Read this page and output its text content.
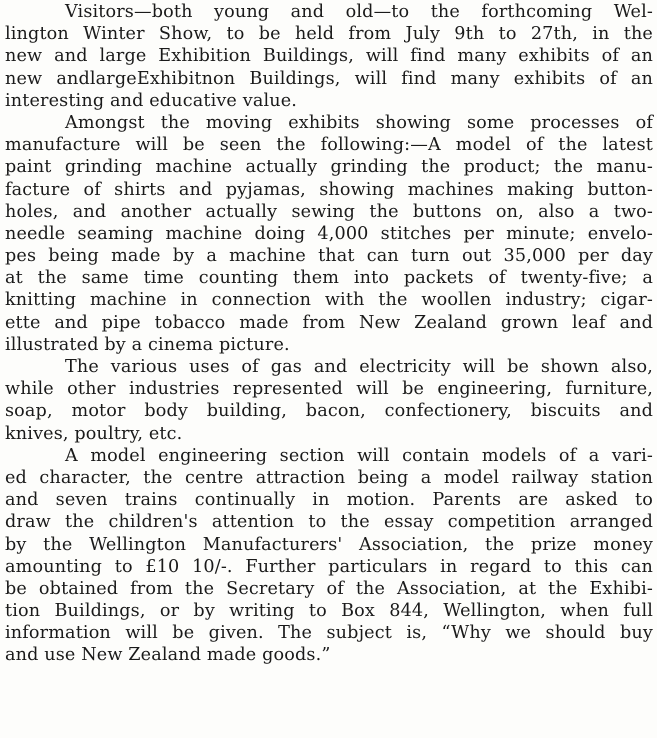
Visitors—both young and old—to the forthcoming Wel-
lington Winter Show, to be held from July 9th to 27th, in the
new and large Exhibition Buildings, will find many exhibits of an
new andlargeExhibitnon Buildings, will find many exhibits of an
interesting and educative value.
Amongst the moving exhibits showing some processes of
manufacture will be seen the following:—A model of the latest
paint grinding machine actually grinding the product; the manu-
facture of shirts and pyjamas, showing machines making button-
holes, and another actually sewing the buttons on, also a two-
needle seaming machine doing 4,000 stitches per minute; envelo-
pes being made by a machine that can turn out 35,000 per day
at the same time counting them into packets of twenty-five; a
knitting machine in connection with the woollen industry; cigar-
ette and pipe tobacco made from New Zealand grown leaf and
illustrated by a cinema picture.
The various uses of gas and electricity will be shown also,
while other industries represented will be engineering, furniture,
soap, motor body building, bacon, confectionery, biscuits and
knives, poultry, etc.
A model engineering section will contain models of a vari-
ed character, the centre attraction being a model railway station
and seven trains continually in motion. Parents are asked to
draw the children's attention to the essay competition arranged
by the Wellington Manufacturers' Association, the prize money
amounting to £10 10/-. Further particulars in regard to this can
be obtained from the Secretary of the Association, at the Exhibi-
tion Buildings, or by writing to Box 844, Wellington, when full
information will be given. The subject is, “Why we should buy
and use New Zealand made goods.”
